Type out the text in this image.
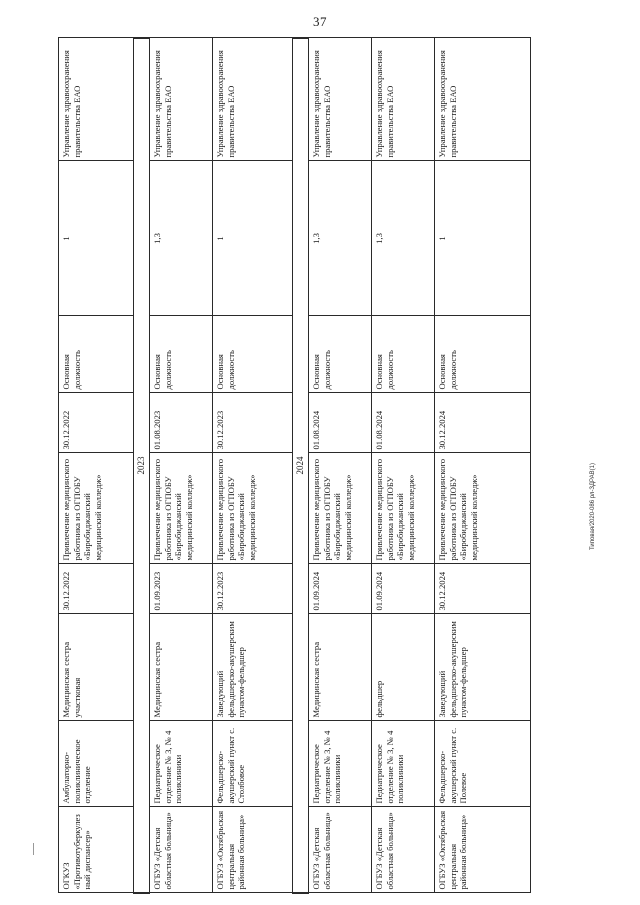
37
ОГКУЗ «Противотуберкулезный диспансер»	Амбулаторно-поликлиническое отделение	Медицинская сестра участковая	30.12.2022	Привлечение медицинского работника из ОГПОБУ «Биробиджанский медицинский колледж»	30.12.2022	Основная должность	1	Управление здравоохранения правительства ЕАО
2023								
ОГБУЗ «Детская областная больница»	Педиатрическое отделение № 3, № 4 поликлиники	Медицинская сестра	01.09.2023	Привлечение медицинского работника из ОГПОБУ «Биробиджанский медицинский колледж»	01.08.2023	Основная должность	1,3	Управление здравоохранения правительства ЕАО
ОГБУЗ «Октябрьская центральная районная больница»	Фельдшерско-акушерский пункт с. Столбовое	Заведующий фельдшерско-акушерским пунктом-фельдшер	30.12.2023	Привлечение медицинского работника из ОГПОБУ «Биробиджанский медицинский колледж»	30.12.2023	Основная должность	1	Управление здравоохранения правительства ЕАО
2024								
ОГБУЗ «Детская областная больница»	Педиатрическое отделение № 3, № 4 поликлиники	Медицинская сестра	01.09.2024	Привлечение медицинского работника из ОГПОБУ «Биробиджанский медицинский колледж»	01.08.2024	Основная должность	1,3	Управление здравоохранения правительства ЕАО
ОГБУЗ «Детская областная больница»	Педиатрическое отделение № 3, № 4 поликлиники	фельдшер	01.09.2024	Привлечение медицинского работника из ОГПОБУ «Биробиджанский медицинский колледж»	01.08.2024	Основная должность	1,3	Управление здравоохранения правительства ЕАО
ОГБУЗ «Октябрьская центральная районная больница»	Фельдшерско-акушерский пункт с. Полевое	Заведующий фельдшерско-акушерским пунктом-фельдшер	30.12.2024	Привлечение медицинского работника из ОГПОБУ «Биробиджанский медицинский колледж»	30.12.2024	Основная должность	1	Управление здравоохранения правительства ЕАО
Типовая/2020-086 рл-ЗДРАВ(1)
